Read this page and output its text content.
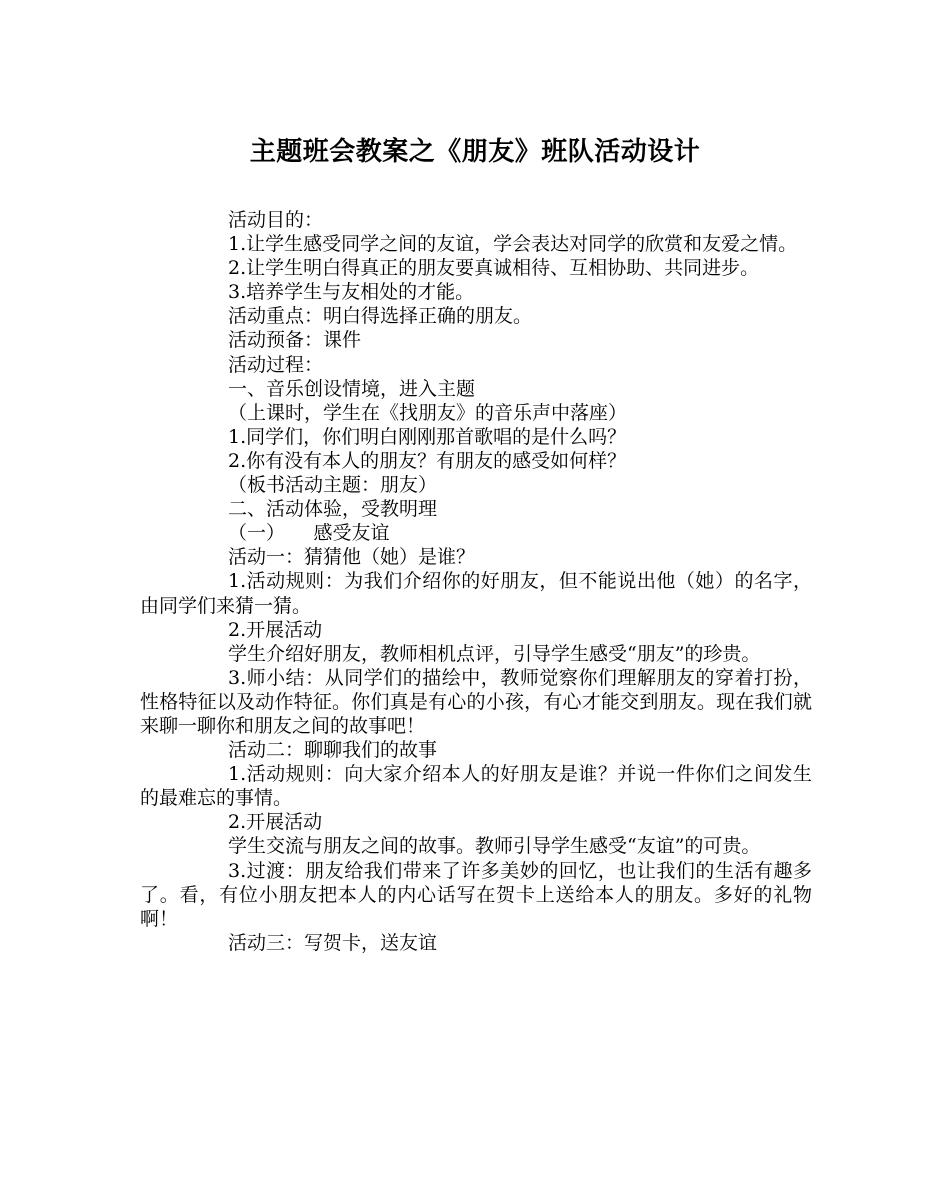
主题班会教案之《朋友》班队活动设计

活动目的：

1.让学生感受同学之间的友谊，学会表达对同学的欣赏和友爱之情。

2.让学生明白得真正的朋友要真诚相待、互相协助、共同进步。

3.培养学生与友相处的才能。

活动重点：明白得选择正确的朋友。

活动预备：课件

活动过程：

一、音乐创设情境，进入主题

（上课时，学生在《找朋友》的音乐声中落座）

1.同学们，你们明白刚刚那首歌唱的是什么吗？

2.你有没有本人的朋友？有朋友的感受如何样？

（板书活动主题：朋友）

二、活动体验，受教明理

（一）　　感受友谊

活动一：猜猜他（她）是谁？

1.活动规则：为我们介绍你的好朋友，但不能说出他（她）的名字，由同学们来猜一猜。

2.开展活动

学生介绍好朋友，教师相机点评，引导学生感受“朋友”的珍贵。

3.师小结：从同学们的描绘中，教师觉察你们理解朋友的穿着打扮，性格特征以及动作特征。你们真是有心的小孩，有心才能交到朋友。现在我们就来聊一聊你和朋友之间的故事吧！

活动二：聊聊我们的故事

1.活动规则：向大家介绍本人的好朋友是谁？并说一件你们之间发生的最难忘的事情。

2.开展活动

学生交流与朋友之间的故事。教师引导学生感受“友谊”的可贵。

3.过渡：朋友给我们带来了许多美妙的回忆，也让我们的生活有趣多了。看，有位小朋友把本人的内心话写在贺卡上送给本人的朋友。多好的礼物啊！

活动三：写贺卡，送友谊
